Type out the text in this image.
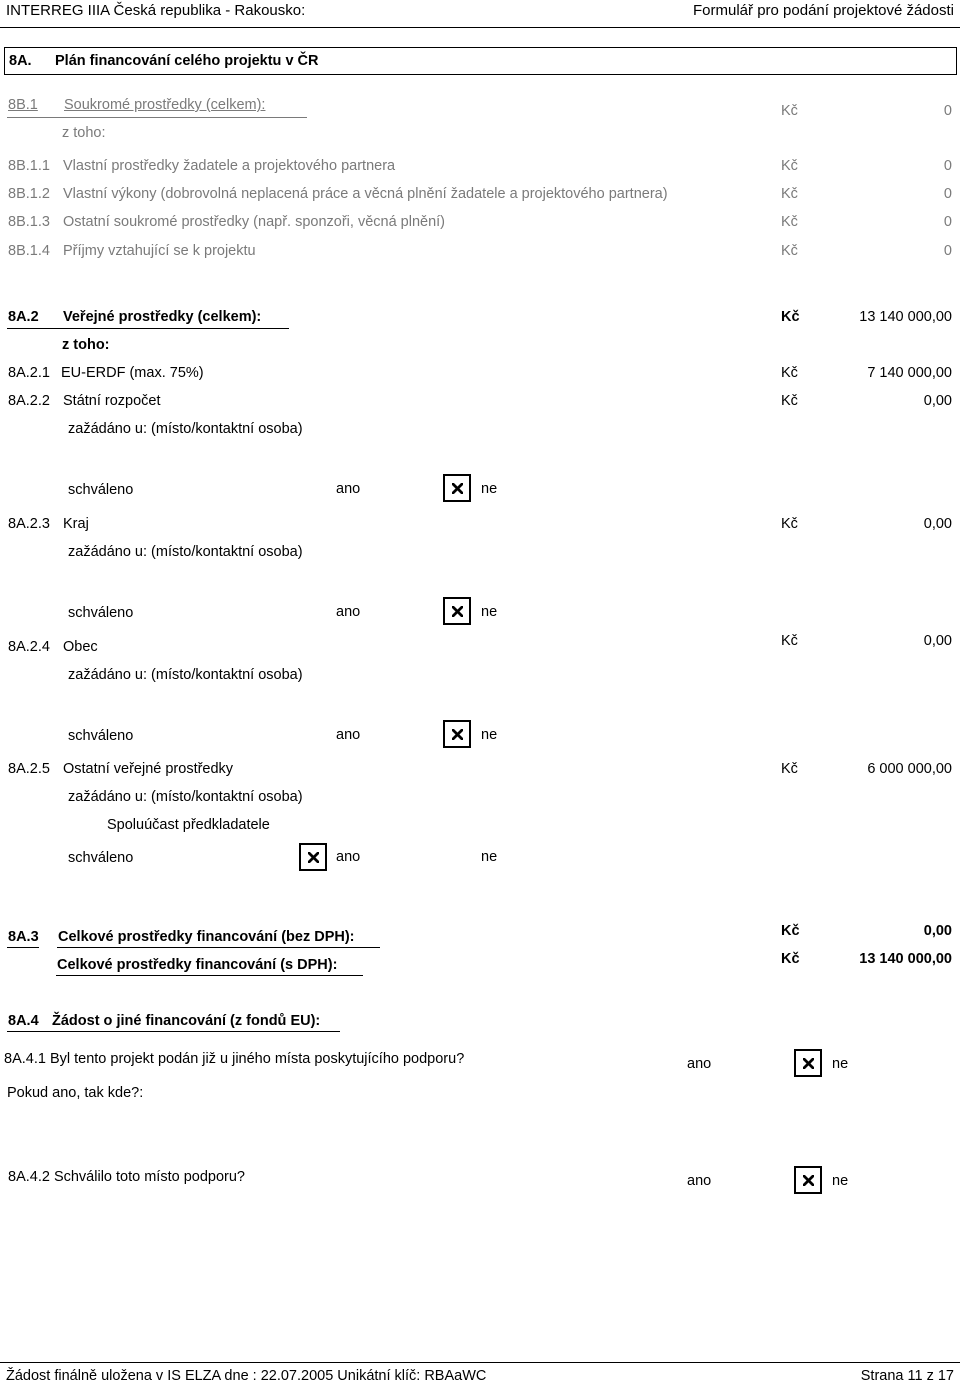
INTERREG IIIA Česká republika - Rakousko:	Formulář pro podání projektové žádosti
8A. Plán financování celého projektu v ČR
8B.1 Soukromé prostředky (celkem):	Kč	0
z toho:
8B.1.1 Vlastní prostředky žadatele a projektového partnera	Kč	0
8B.1.2 Vlastní výkony (dobrovolná neplacená práce a věcná plnění žadatele a projektového partnera)	Kč	0
8B.1.3 Ostatní soukromé prostředky (např. sponzoři, věcná plnění)	Kč	0
8B.1.4 Příjmy vztahující se k projektu	Kč	0
8A.2 Veřejné prostředky (celkem):	Kč	13 140 000,00
z toho:
8A.2.1 EU-ERDF (max. 75%)	Kč	7 140 000,00
8A.2.2 Státní rozpočet	Kč	0,00
zažádáno u: (místo/kontaktní osoba)
schváleno	ano	ne
8A.2.3 Kraj	Kč	0,00
zažádáno u: (místo/kontaktní osoba)
schváleno	ano	ne
8A.2.4 Obec	Kč	0,00
zažádáno u: (místo/kontaktní osoba)
schváleno	ano	ne
8A.2.5 Ostatní veřejné prostředky	Kč	6 000 000,00
zažádáno u: (místo/kontaktní osoba)
Spoluúčast předkladatele
schváleno	ano	ne
8A.3 Celkové prostředky financování (bez DPH):	Kč	0,00
Celkové prostředky financování (s DPH):	Kč	13 140 000,00
8A.4 Žádost o jiné financování (z fondů EU):
8A.4.1 Byl tento projekt podán již u jiného místa poskytujícího podporu?	ano	ne
Pokud ano, tak kde?:
8A.4.2 Schválilo toto místo podporu?	ano	ne
Žádost finálně uložena v IS ELZA dne : 22.07.2005 Unikátní klíč: RBAaWC	Strana 11 z 17
